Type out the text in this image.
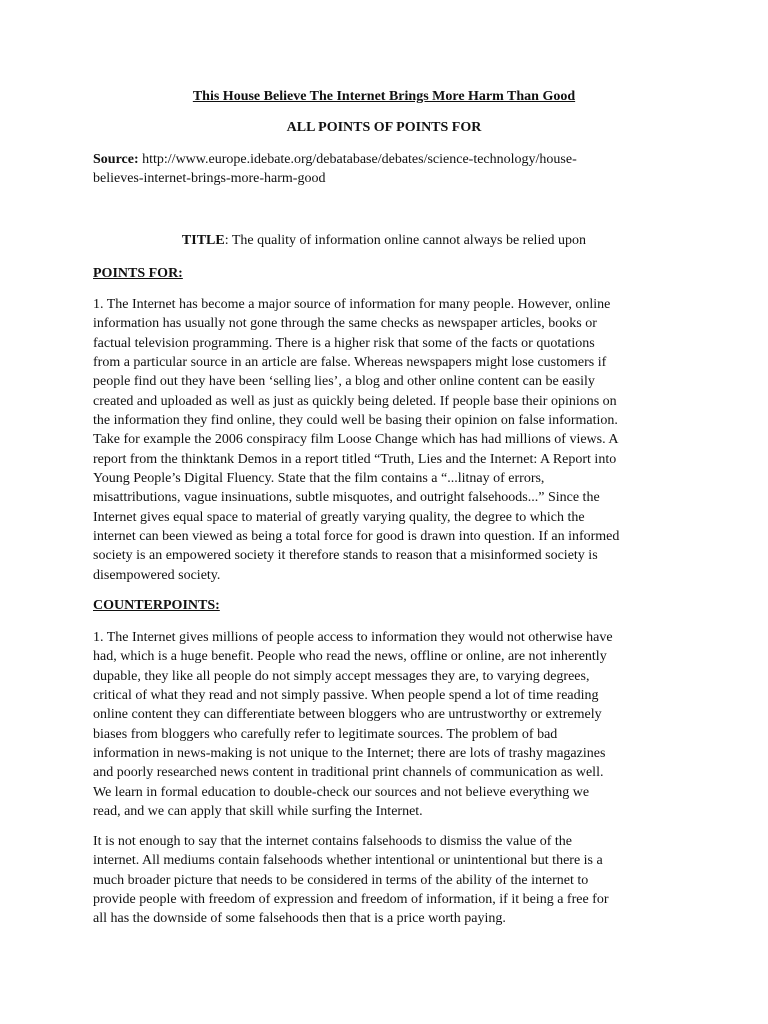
This House Believe The Internet Brings More Harm Than Good

ALL POINTS OF POINTS FOR

Source: http://www.europe.idebate.org/debatabase/debates/science-technology/house-
believes-internet-brings-more-harm-good

TITLE: The quality of information online cannot always be relied upon

POINTS FOR:

1. The Internet has become a major source of information for many people. However, online
information has usually not gone through the same checks as newspaper articles, books or
factual television programming. There is a higher risk that some of the facts or quotations
from a particular source in an article are false. Whereas newspapers might lose customers if
people find out they have been ‘selling lies’, a blog and other online content can be easily
created and uploaded as well as just as quickly being deleted. If people base their opinions on
the information they find online, they could well be basing their opinion on false information.
Take for example the 2006 conspiracy film Loose Change which has had millions of views. A
report from the thinktank Demos in a report titled “Truth, Lies and the Internet: A Report into
Young People’s Digital Fluency. State that the film contains a “...litnay of errors,
misattributions, vague insinuations, subtle misquotes, and outright falsehoods...” Since the
Internet gives equal space to material of greatly varying quality, the degree to which the
internet can been viewed as being a total force for good is drawn into question. If an informed
society is an empowered society it therefore stands to reason that a misinformed society is
disempowered society.

COUNTERPOINTS:

1. The Internet gives millions of people access to information they would not otherwise have
had, which is a huge benefit. People who read the news, offline or online, are not inherently
dupable, they like all people do not simply accept messages they are, to varying degrees,
critical of what they read and not simply passive. When people spend a lot of time reading
online content they can differentiate between bloggers who are untrustworthy or extremely
biases from bloggers who carefully refer to legitimate sources. The problem of bad
information in news-making is not unique to the Internet; there are lots of trashy magazines
and poorly researched news content in traditional print channels of communication as well.
We learn in formal education to double-check our sources and not believe everything we
read, and we can apply that skill while surfing the Internet.
It is not enough to say that the internet contains falsehoods to dismiss the value of the
internet. All mediums contain falsehoods whether intentional or unintentional but there is a
much broader picture that needs to be considered in terms of the ability of the internet to
provide people with freedom of expression and freedom of information, if it being a free for
all has the downside of some falsehoods then that is a price worth paying.
